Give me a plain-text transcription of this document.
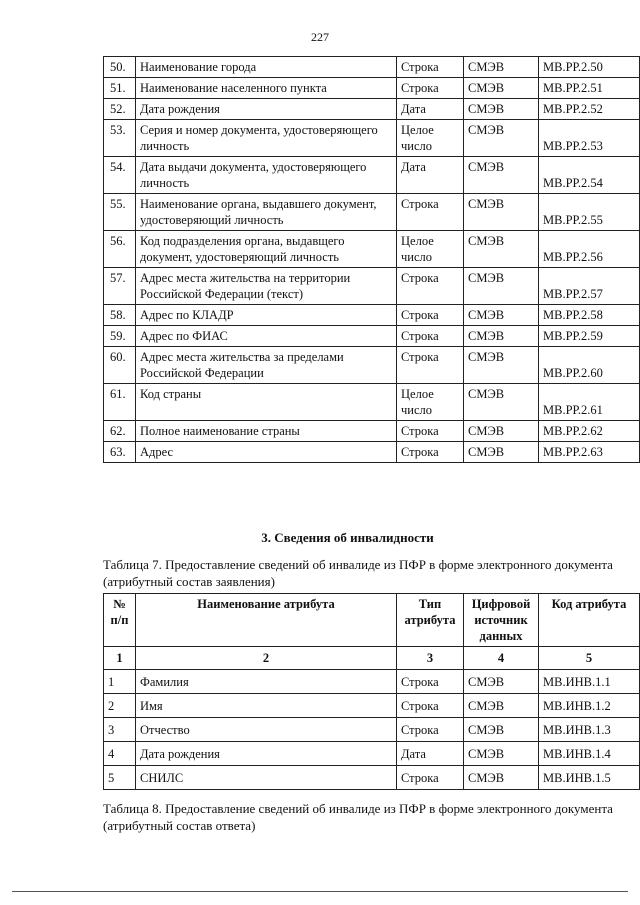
227
50.	Наименование города	Строка	СМЭВ	МВ.РР.2.50
51.	Наименование населенного пункта	Строка	СМЭВ	МВ.РР.2.51
52.	Дата рождения	Дата	СМЭВ	МВ.РР.2.52
53.	Серия и номер документа, удостоверяющего личность	Целое число	СМЭВ	МВ.РР.2.53
54.	Дата выдачи документа, удостоверяющего личность	Дата	СМЭВ	МВ.РР.2.54
55.	Наименование органа, выдавшего документ, удостоверяющий личность	Строка	СМЭВ	МВ.РР.2.55
56.	Код подразделения органа, выдавщего документ, удостоверяющий личность	Целое число	СМЭВ	МВ.РР.2.56
57.	Адрес места жительства на территории Российской Федерации (текст)	Строка	СМЭВ	МВ.РР.2.57
58.	Адрес по КЛАДР	Строка	СМЭВ	МВ.РР.2.58
59.	Адрес по ФИАС	Строка	СМЭВ	МВ.РР.2.59
60.	Адрес места жительства за пределами Российской Федерации	Строка	СМЭВ	МВ.РР.2.60
61.	Код страны	Целое число	СМЭВ	МВ.РР.2.61
62.	Полное наименование страны	Строка	СМЭВ	МВ.РР.2.62
63.	Адрес	Строка	СМЭВ	МВ.РР.2.63
3. Сведения об инвалидности
Таблица 7. Предоставление сведений об инвалиде из ПФР в форме электронного документа (атрибутный состав заявления)
№ п/п	Наименование атрибута	Тип атрибута	Цифровой источник данных	Код атрибута
1	2	3	4	5
1	Фамилия	Строка	СМЭВ	МВ.ИНВ.1.1
2	Имя	Строка	СМЭВ	МВ.ИНВ.1.2
3	Отчество	Строка	СМЭВ	МВ.ИНВ.1.3
4	Дата рождения	Дата	СМЭВ	МВ.ИНВ.1.4
5	СНИЛС	Строка	СМЭВ	МВ.ИНВ.1.5
Таблица 8. Предоставление сведений об инвалиде из ПФР в форме электронного документа (атрибутный состав ответа)
